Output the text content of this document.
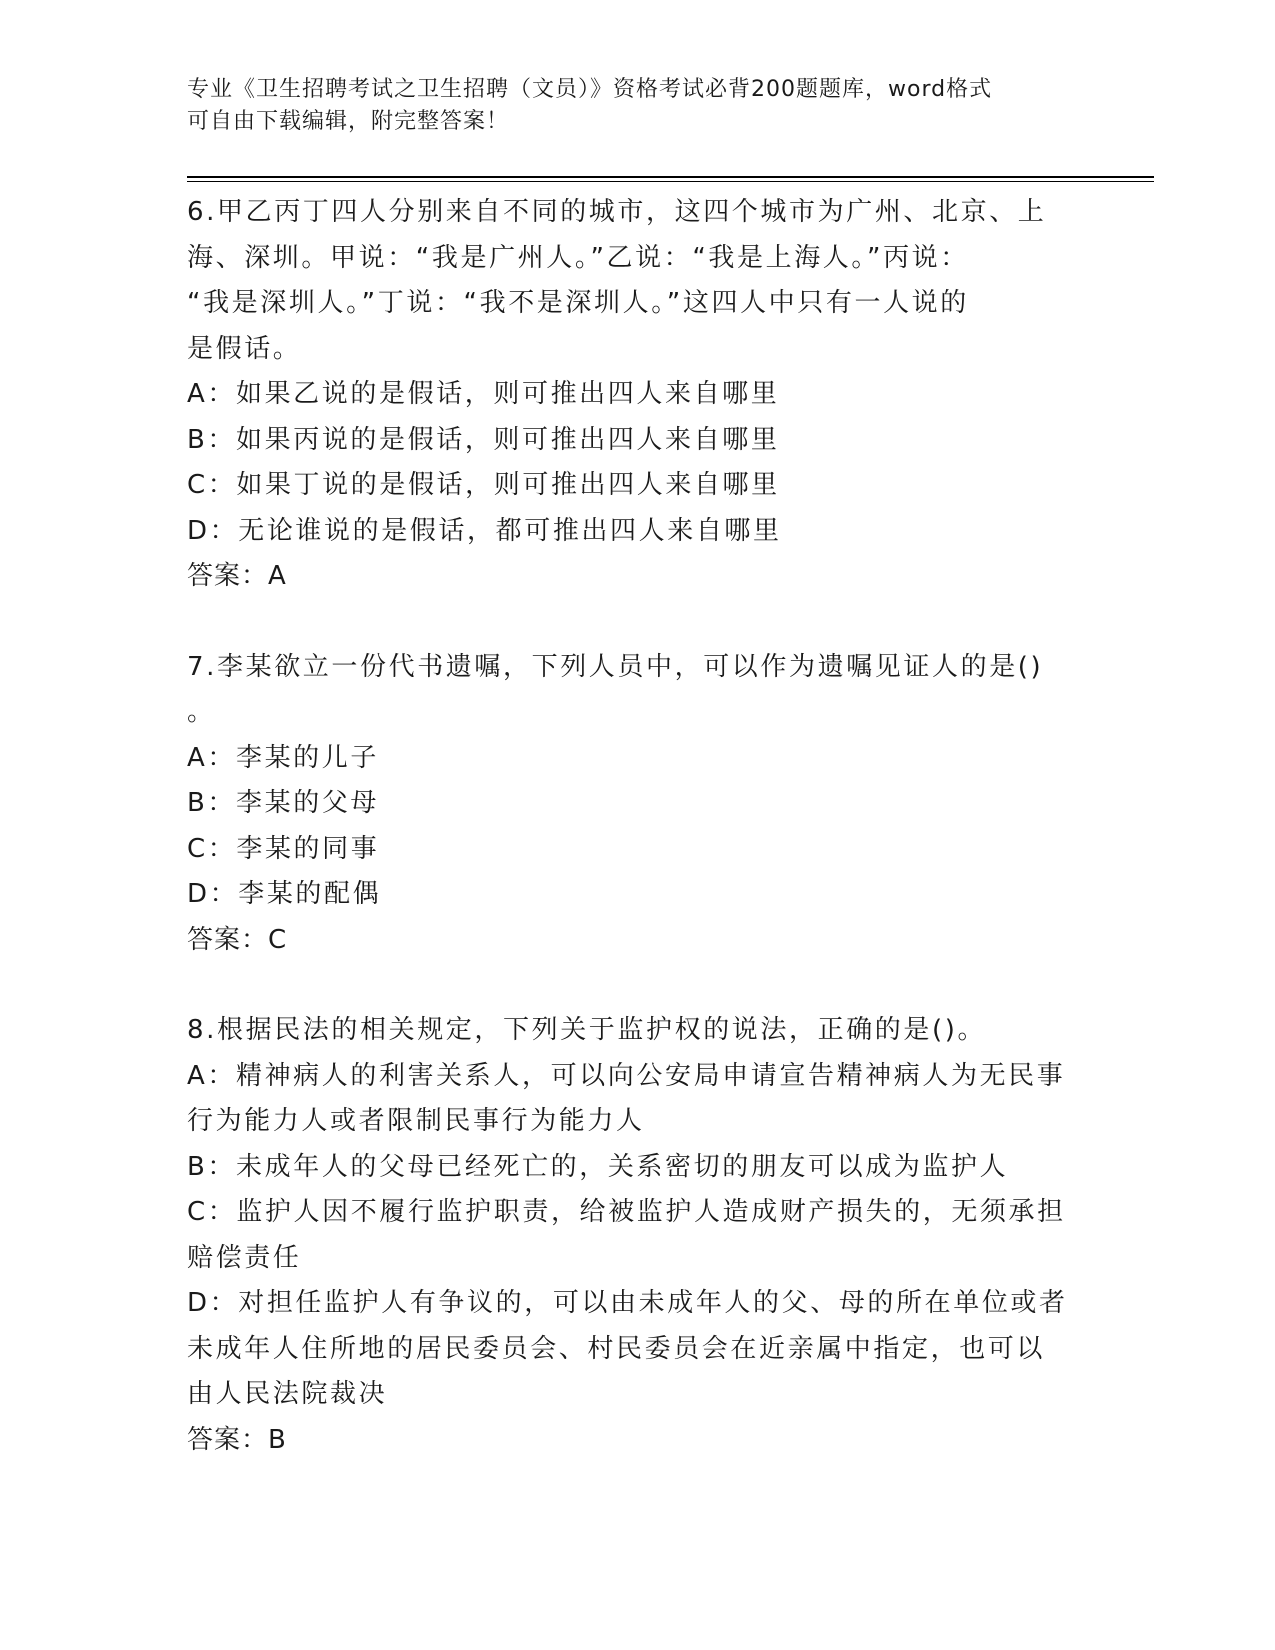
专业《卫生招聘考试之卫生招聘（文员）》资格考试必背200题题库，word格式
可自由下载编辑，附完整答案！
6.甲乙丙丁四人分别来自不同的城市，这四个城市为广州、北京、上
海、深圳。甲说：“我是广州人。”乙说：“我是上海人。”丙说：
“我是深圳人。”丁说：“我不是深圳人。”这四人中只有一人说的
是假话。
A：如果乙说的是假话，则可推出四人来自哪里
B：如果丙说的是假话，则可推出四人来自哪里
C：如果丁说的是假话，则可推出四人来自哪里
D：无论谁说的是假话，都可推出四人来自哪里
答案：A
7.李某欲立一份代书遗嘱，下列人员中，可以作为遗嘱见证人的是()
。
A：李某的儿子
B：李某的父母
C：李某的同事
D：李某的配偶
答案：C
8.根据民法的相关规定，下列关于监护权的说法，正确的是()。
A：精神病人的利害关系人，可以向公安局申请宣告精神病人为无民事
行为能力人或者限制民事行为能力人
B：未成年人的父母已经死亡的，关系密切的朋友可以成为监护人
C：监护人因不履行监护职责，给被监护人造成财产损失的，无须承担
赔偿责任
D：对担任监护人有争议的，可以由未成年人的父、母的所在单位或者
未成年人住所地的居民委员会、村民委员会在近亲属中指定，也可以
由人民法院裁决
答案：B
